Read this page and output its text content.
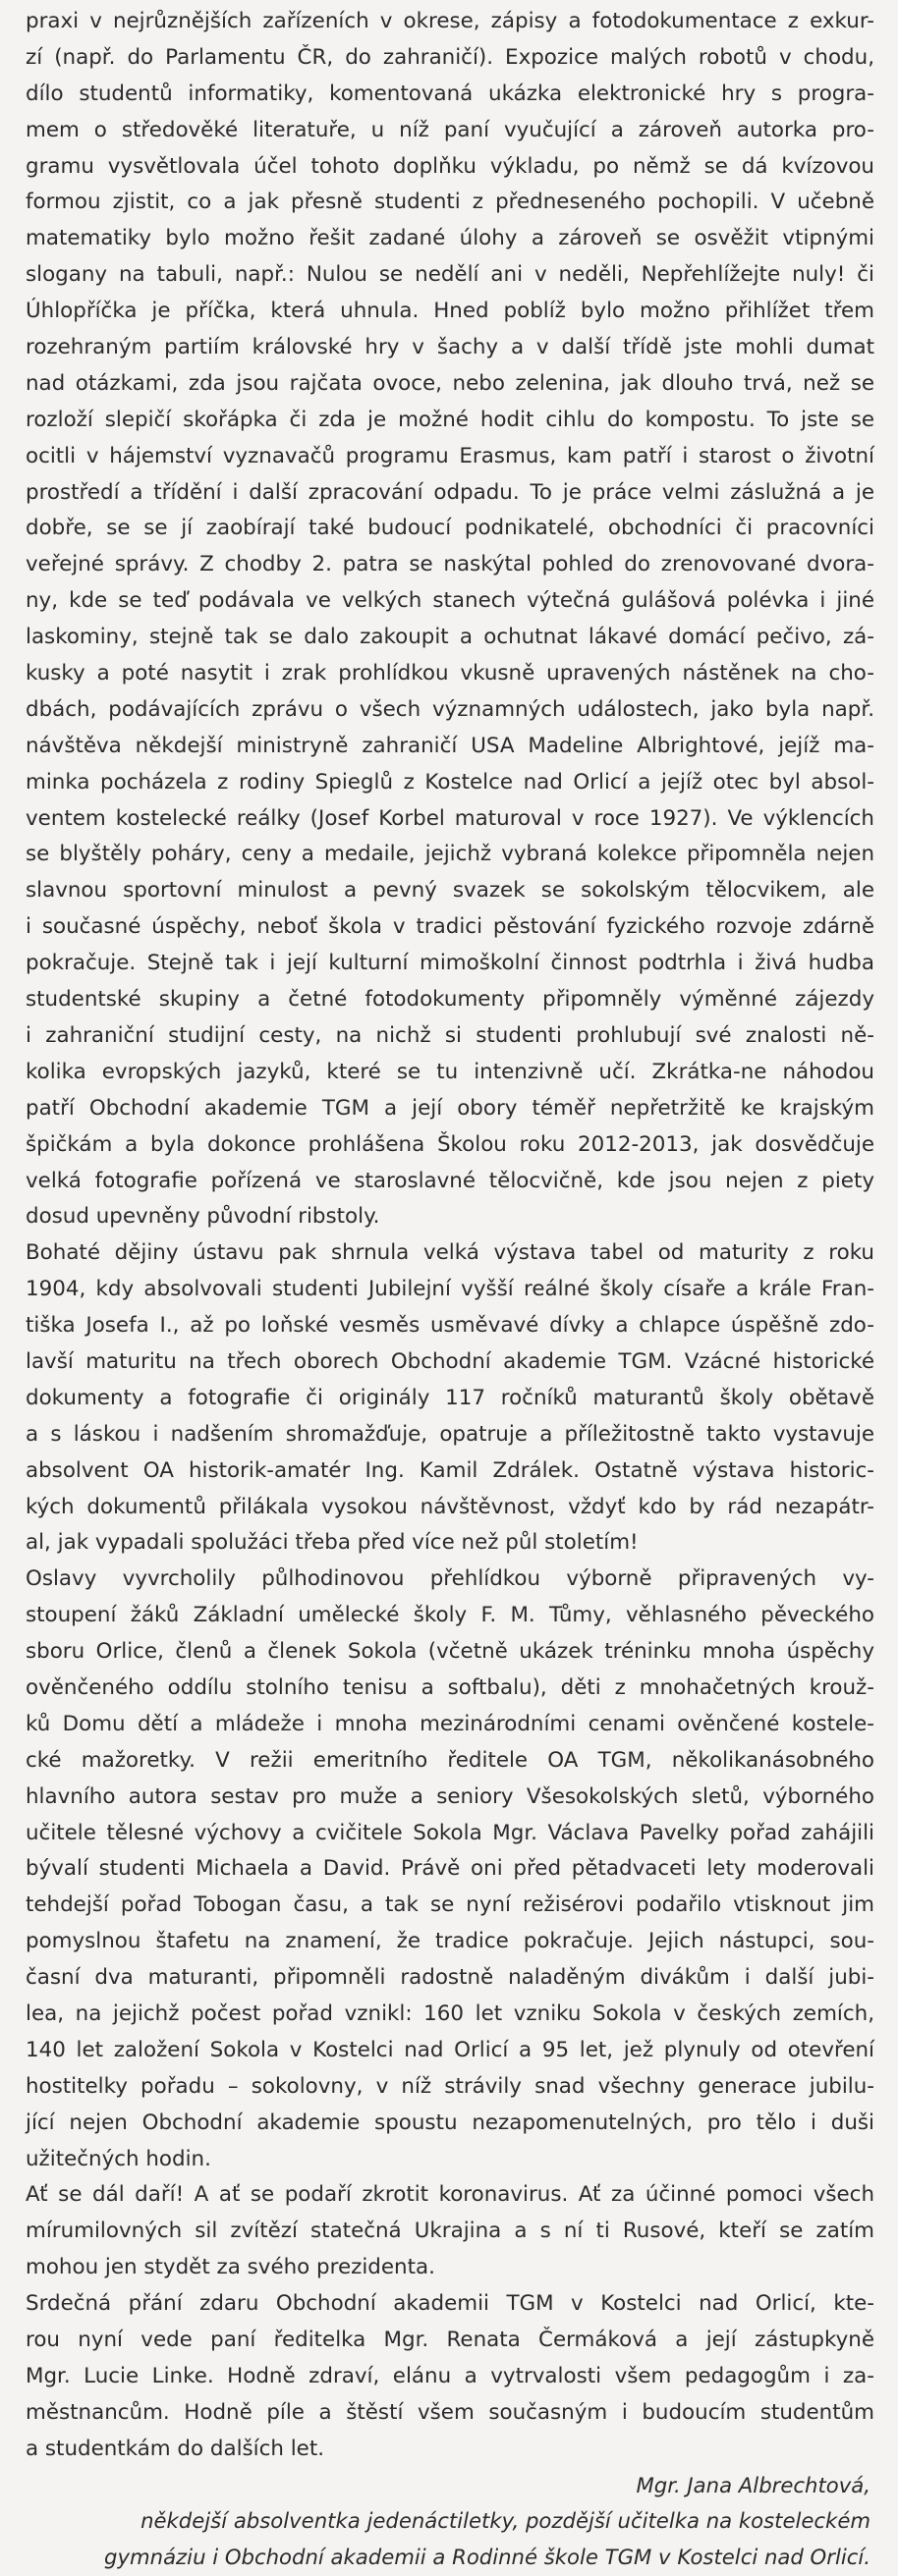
praxi v nejrůznějších zařízeních v okrese, zápisy a fotodokumentace z exkur-
zí (např. do Parlamentu ČR, do zahraničí). Expozice malých robotů v chodu,
dílo studentů informatiky, komentovaná ukázka elektronické hry s progra-
mem o středověké literatuře, u níž paní vyučující a zároveň autorka pro-
gramu vysvětlovala účel tohoto doplňku výkladu, po němž se dá kvízovou
formou zjistit, co a jak přesně studenti z předneseného pochopili. V učebně
matematiky bylo možno řešit zadané úlohy a zároveň se osvěžit vtipnými
slogany na tabuli, např.: Nulou se nedělí ani v neděli, Nepřehlížejte nuly! či
Úhlopříčka je příčka, která uhnula. Hned poblíž bylo možno přihlížet třem
rozehraným partiím královské hry v šachy a v další třídě jste mohli dumat
nad otázkami, zda jsou rajčata ovoce, nebo zelenina, jak dlouho trvá, než se
rozloží slepičí skořápka či zda je možné hodit cihlu do kompostu. To jste se
ocitli v hájemství vyznavačů programu Erasmus, kam patří i starost o životní
prostředí a třídění i další zpracování odpadu. To je práce velmi záslužná a je
dobře, se se jí zaobírají také budoucí podnikatelé, obchodníci či pracovníci
veřejné správy. Z chodby 2. patra se naskýtal pohled do zrenovované dvora-
ny, kde se teď podávala ve velkých stanech výtečná gulášová polévka i jiné
laskominy, stejně tak se dalo zakoupit a ochutnat lákavé domácí pečivo, zá-
kusky a poté nasytit i zrak prohlídkou vkusně upravených nástěnek na cho-
dbách, podávajících zprávu o všech významných událostech, jako byla např.
návštěva někdejší ministryně zahraničí USA Madeline Albrightové, jejíž ma-
minka pocházela z rodiny Spieglů z Kostelce nad Orlicí a jejíž otec byl absol-
ventem kostelecké reálky (Josef Korbel maturoval v roce 1927). Ve výklencích
se blyštěly poháry, ceny a medaile, jejichž vybraná kolekce připomněla nejen
slavnou sportovní minulost a pevný svazek se sokolským tělocvikem, ale
i současné úspěchy, neboť škola v tradici pěstování fyzického rozvoje zdárně
pokračuje. Stejně tak i její kulturní mimoškolní činnost podtrhla i živá hudba
studentské skupiny a četné fotodokumenty připomněly výměnné zájezdy
i zahraniční studijní cesty, na nichž si studenti prohlubují své znalosti ně-
kolika evropských jazyků, které se tu intenzivně učí. Zkrátka-ne náhodou
patří Obchodní akademie TGM a její obory téměř nepřetržitě ke krajským
špičkám a byla dokonce prohlášena Školou roku 2012-2013, jak dosvědčuje
velká fotografie pořízená ve staroslavné tělocvičně, kde jsou nejen z piety
dosud upevněny původní ribstoly.
Bohaté dějiny ústavu pak shrnula velká výstava tabel od maturity z roku
1904, kdy absolvovali studenti Jubilejní vyšší reálné školy císaře a krále Fran-
tiška Josefa I., až po loňské vesměs usměvavé dívky a chlapce úspěšně zdo-
lavší maturitu na třech oborech Obchodní akademie TGM. Vzácné historické
dokumenty a fotografie či originály 117 ročníků maturantů školy obětavě
a s láskou i nadšením shromažďuje, opatruje a příležitostně takto vystavuje
absolvent OA historik-amatér Ing. Kamil Zdrálek. Ostatně výstava historic-
kých dokumentů přilákala vysokou návštěvnost, vždyť kdo by rád nezapátr-
al, jak vypadali spolužáci třeba před více než půl stoletím!
Oslavy vyvrcholily půlhodinovou přehlídkou výborně připravených vy-
stoupení žáků Základní umělecké školy F. M. Tůmy, věhlasného pěveckého
sboru Orlice, členů a členek Sokola (včetně ukázek tréninku mnoha úspěchy
ověnčeného oddílu stolního tenisu a softbalu), děti z mnohačetných krouž-
ků Domu dětí a mládeže i mnoha mezinárodními cenami ověnčené kostele-
cké mažoretky. V režii emeritního ředitele OA TGM, několikanásobného
hlavního autora sestav pro muže a seniory Všesokolských sletů, výborného
učitele tělesné výchovy a cvičitele Sokola Mgr. Václava Pavelky pořad zahájili
bývalí studenti Michaela a David. Právě oni před pětadvaceti lety moderovali
tehdejší pořad Tobogan času, a tak se nyní režisérovi podařilo vtisknout jim
pomyslnou štafetu na znamení, že tradice pokračuje. Jejich nástupci, sou-
časní dva maturanti, připomněli radostně naladěným divákům i další jubi-
lea, na jejichž počest pořad vznikl: 160 let vzniku Sokola v českých zemích,
140 let založení Sokola v Kostelci nad Orlicí a 95 let, jež plynuly od otevření
hostitelky pořadu – sokolovny, v níž strávily snad všechny generace jubilu-
jící nejen Obchodní akademie spoustu nezapomenutelných, pro tělo i duši
užitečných hodin.
Ať se dál daří! A ať se podaří zkrotit koronavirus. Ať za účinné pomoci všech
mírumilovných sil zvítězí statečná Ukrajina a s ní ti Rusové, kteří se zatím
mohou jen stydět za svého prezidenta.
Srdečná přání zdaru Obchodní akademii TGM v Kostelci nad Orlicí, kte-
rou nyní vede paní ředitelka Mgr. Renata Čermáková a její zástupkyně
Mgr. Lucie Linke. Hodně zdraví, elánu a vytrvalosti všem pedagogům i za-
městnancům. Hodně píle a štěstí všem současným i budoucím studentům
a studentkám do dalších let.
Mgr. Jana Albrechtová,
někdejší absolventka jedenáctiletky, pozdější učitelka na kosteleckém
gymnáziu i Obchodní akademii a Rodinné škole TGM v Kostelci nad Orlicí.
